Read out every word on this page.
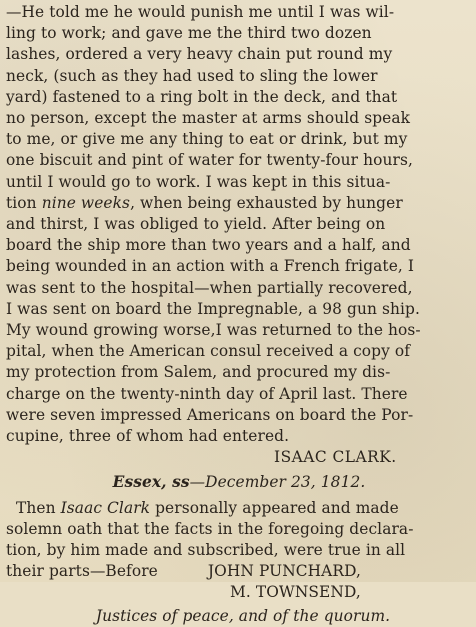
—He told me he would punish me until I was wil-
ling to work; and gave me the third two dozen
lashes, ordered a very heavy chain put round my
neck, (such as they had used to sling the lower
yard) fastened to a ring bolt in the deck, and that
no person, except the master at arms should speak
to me, or give me any thing to eat or drink, but my
one biscuit and pint of water for twenty-four hours,
until I would go to work. I was kept in this situa-
tion nine weeks, when being exhausted by hunger
and thirst, I was obliged to yield. After being on
board the ship more than two years and a half, and
being wounded in an action with a French frigate, I
was sent to the hospital—when partially recovered,
I was sent on board the Impregnable, a 98 gun ship.
My wound growing worse,I was returned to the hos-
pital, when the American consul received a copy of
my protection from Salem, and procured my dis-
charge on the twenty-ninth day of April last. There
were seven impressed Americans on board the Por-
cupine, three of whom had entered.
ISAAC CLARK.
Essex, ss—December 23, 1812.
Then Isaac Clark personally appeared and made
solemn oath that the facts in the foregoing declara-
tion, by him made and subscribed, were true in all
their parts—Before	JOHN PUNCHARD,
M. TOWNSEND,
Justices of peace, and of the quorum.
